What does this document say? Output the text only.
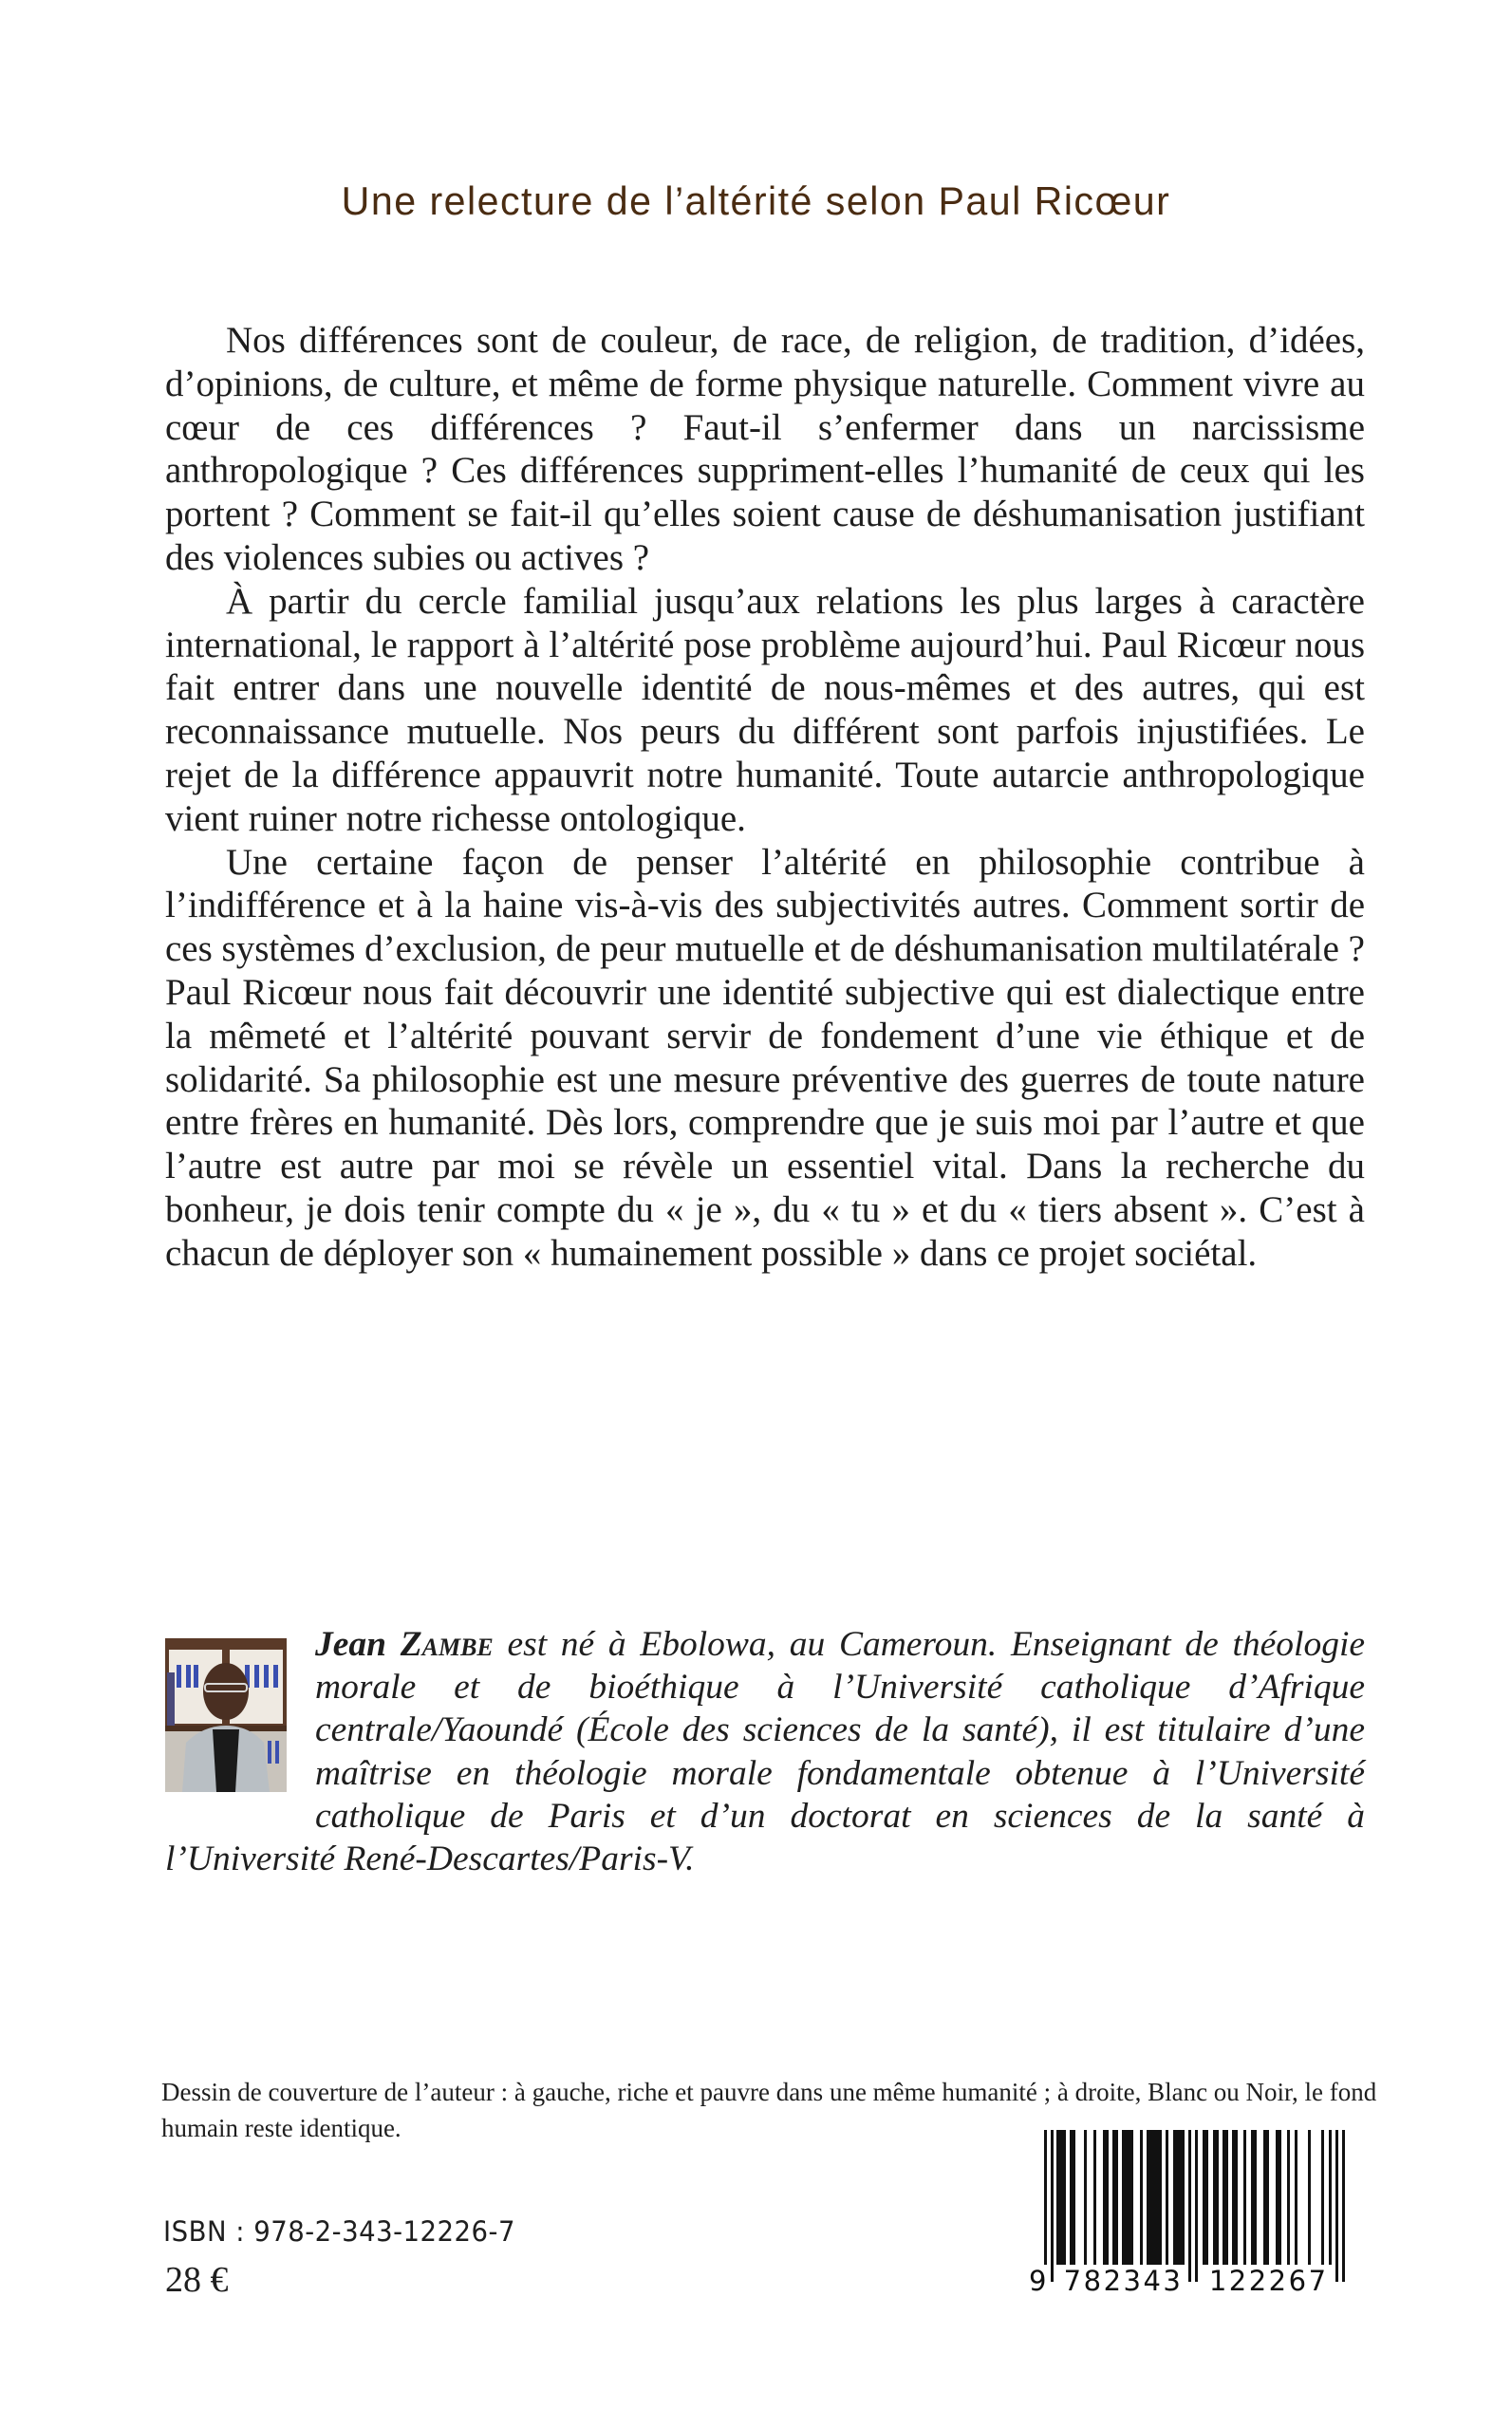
Une relecture de l’altérité selon Paul Ricœur

Nos différences sont de couleur, de race, de religion, de tradition, d’idées, d’opinions, de culture, et même de forme physique naturelle. Comment vivre au cœur de ces différences ? Faut-il s’enfermer dans un narcissisme anthropologique ? Ces différences suppriment-elles l’humanité de ceux qui les portent ? Comment se fait-il qu’elles soient cause de déshumanisation justifiant des violences subies ou actives ?

À partir du cercle familial jusqu’aux relations les plus larges à caractère international, le rapport à l’altérité pose problème aujourd’hui. Paul Ricœur nous fait entrer dans une nouvelle identité de nous-mêmes et des autres, qui est reconnaissance mutuelle. Nos peurs du différent sont parfois injustifiées. Le rejet de la différence appauvrit notre humanité. Toute autarcie anthropologique vient ruiner notre richesse ontologique.

Une certaine façon de penser l’altérité en philosophie contribue à l’indifférence et à la haine vis-à-vis des subjectivités autres. Comment sortir de ces systèmes d’exclusion, de peur mutuelle et de déshumanisation multilatérale ? Paul Ricœur nous fait découvrir une identité subjective qui est dialectique entre la mêmeté et l’altérité pouvant servir de fondement d’une vie éthique et de solidarité. Sa philosophie est une mesure préventive des guerres de toute nature entre frères en humanité. Dès lors, comprendre que je suis moi par l’autre et que l’autre est autre par moi se révèle un essentiel vital. Dans la recherche du bonheur, je dois tenir compte du « je », du « tu » et du « tiers absent ». C’est à chacun de déployer son « humainement possible » dans ce projet sociétal.

Jean Zambe est né à Ebolowa, au Cameroun. Enseignant de théologie morale et de bioéthique à l’Université catholique d’Afrique centrale/Yaoundé (École des sciences de la santé), il est titulaire d’une maîtrise en théologie morale fondamentale obtenue à l’Université catholique de Paris et d’un doctorat en sciences de la santé à l’Université René-Descartes/Paris-V.
Dessin de couverture de l’auteur : à gauche, riche et pauvre dans une même humanité ; à droite, Blanc ou Noir, le fond humain reste identique.
ISBN : 978-2-343-12226-7
28 €	9 782343 122267
